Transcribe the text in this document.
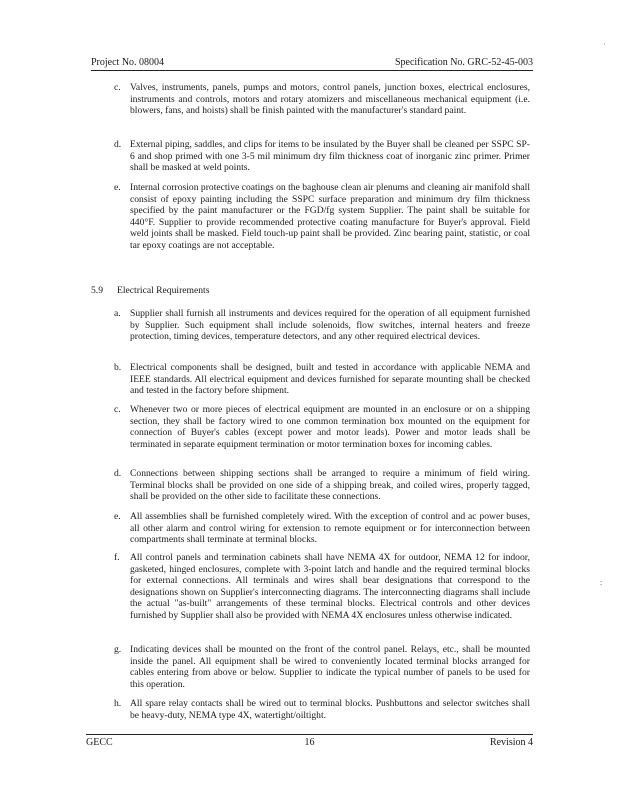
Project No. 08004	Specification No. GRC-52-45-003
c. Valves, instruments, panels, pumps and motors, control panels, junction boxes, electrical enclosures, instruments and controls, motors and rotary atomizers and miscellaneous mechanical equipment (i.e. blowers, fans, and hoists) shall be finish painted with the manufacturer's standard paint.
d. External piping, saddles, and clips for items to be insulated by the Buyer shall be cleaned per SSPC SP-6 and shop primed with one 3-5 mil minimum dry film thickness coat of inorganic zinc primer. Primer shall be masked at weld points.
e. Internal corrosion protective coatings on the baghouse clean air plenums and cleaning air manifold shall consist of epoxy painting including the SSPC surface preparation and minimum dry film thickness specified by the paint manufacturer or the FGD/fg system Supplier. The paint shall be suitable for 440°F. Supplier to provide recommended protective coating manufacture for Buyer's approval. Field weld joints shall be masked. Field touch-up paint shall be provided. Zinc bearing paint, statistic, or coal tar epoxy coatings are not acceptable.
5.9 Electrical Requirements
a. Supplier shall furnish all instruments and devices required for the operation of all equipment furnished by Supplier. Such equipment shall include solenoids, flow switches, internal heaters and freeze protection, timing devices, temperature detectors, and any other required electrical devices.
b. Electrical components shall be designed, built and tested in accordance with applicable NEMA and IEEE standards. All electrical equipment and devices furnished for separate mounting shall be checked and tested in the factory before shipment.
c. Whenever two or more pieces of electrical equipment are mounted in an enclosure or on a shipping section, they shall be factory wired to one common termination box mounted on the equipment for connection of Buyer's cables (except power and motor leads). Power and motor leads shall be terminated in separate equipment termination or motor termination boxes for incoming cables.
d. Connections between shipping sections shall be arranged to require a minimum of field wiring. Terminal blocks shall be provided on one side of a shipping break, and coiled wires, properly tagged, shall be provided on the other side to facilitate these connections.
e. All assemblies shall be furnished completely wired. With the exception of control and ac power buses, all other alarm and control wiring for extension to remote equipment or for interconnection between compartments shall terminate at terminal blocks.
f. All control panels and termination cabinets shall have NEMA 4X for outdoor, NEMA 12 for indoor, gasketed, hinged enclosures, complete with 3-point latch and handle and the required terminal blocks for external connections. All terminals and wires shall bear designations that correspond to the designations shown on Supplier's interconnecting diagrams. The interconnecting diagrams shall include the actual "as-built" arrangements of these terminal blocks. Electrical controls and other devices furnished by Supplier shall also be provided with NEMA 4X enclosures unless otherwise indicated.
g. Indicating devices shall be mounted on the front of the control panel. Relays, etc., shall be mounted inside the panel. All equipment shall be wired to conveniently located terminal blocks arranged for cables entering from above or below. Supplier to indicate the typical number of panels to be used for this operation.
h. All spare relay contacts shall be wired out to terminal blocks. Pushbuttons and selector switches shall be heavy-duty, NEMA type 4X, watertight/oiltight.
GECC	16	Revision 4
·
:
